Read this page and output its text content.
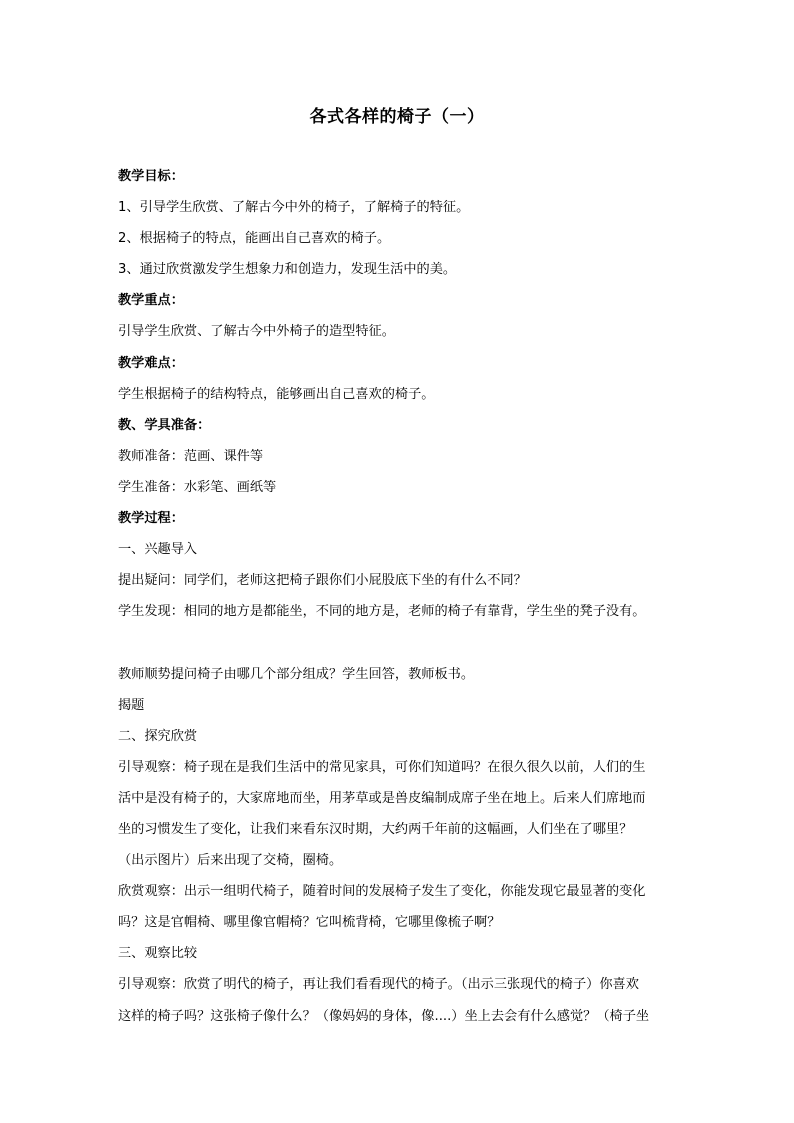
各式各样的椅子（一）
教学目标：
1、引导学生欣赏、了解古今中外的椅子，了解椅子的特征。
2、根据椅子的特点，能画出自己喜欢的椅子。
3、通过欣赏激发学生想象力和创造力，发现生活中的美。
教学重点：
引导学生欣赏、了解古今中外椅子的造型特征。
教学难点：
学生根据椅子的结构特点，能够画出自己喜欢的椅子。
教、学具准备：
教师准备：范画、课件等
学生准备：水彩笔、画纸等
教学过程：
一、兴趣导入
提出疑问：同学们，老师这把椅子跟你们小屁股底下坐的有什么不同？
学生发现：相同的地方是都能坐，不同的地方是，老师的椅子有靠背，学生坐的凳子没有。
教师顺势提问椅子由哪几个部分组成？学生回答，教师板书。
揭题
二、探究欣赏
引导观察：椅子现在是我们生活中的常见家具，可你们知道吗？在很久很久以前，人们的生
活中是没有椅子的，大家席地而坐，用茅草或是兽皮编制成席子坐在地上。后来人们席地而
坐的习惯发生了变化，让我们来看东汉时期，大约两千年前的这幅画，人们坐在了哪里？
（出示图片）后来出现了交椅，圈椅。
欣赏观察：出示一组明代椅子，随着时间的发展椅子发生了变化，你能发现它最显著的变化
吗？这是官帽椅、哪里像官帽椅？它叫梳背椅，它哪里像梳子啊？
三、观察比较
引导观察：欣赏了明代的椅子，再让我们看看现代的椅子。（出示三张现代的椅子）你喜欢
这样的椅子吗？这张椅子像什么？（像妈妈的身体，像....）坐上去会有什么感觉？（椅子坐
